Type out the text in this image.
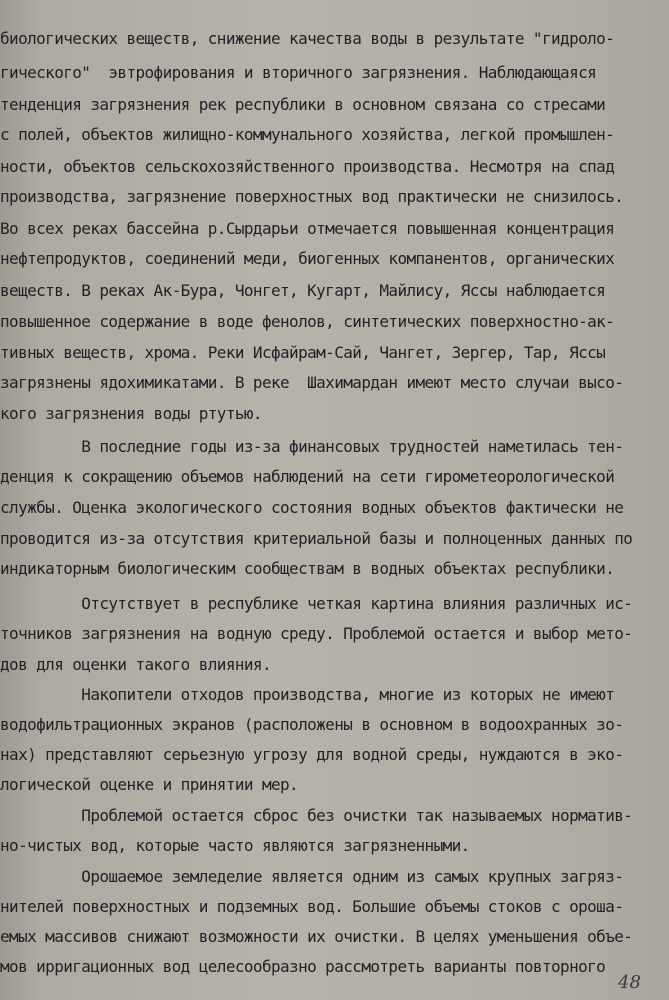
биологических веществ, снижение качества воды в результате "гидроло-
гического"  эвтрофирования и вторичного загрязнения. Наблюдающаяся
тенденция загрязнения рек республики в основном связана со стресами
с полей, объектов жилищно-коммунального хозяйства, легкой промышлен-
ности, объектов сельскохозяйственного производства. Несмотря на спад
производства, загрязнение поверхностных вод практически не снизилось.
Во всех реках бассейна р.Сырдарьи отмечается повышенная концентрация
нефтепродуктов, соединений меди, биогенных компанентов, органических
веществ. В реках Ак-Бура, Чонгет, Кугарт, Майлису, Яссы наблюдается
повышенное содержание в воде фенолов, синтетических поверхностно-ак-
тивных веществ, хрома. Реки Исфайрам-Сай, Чангет, Зергер, Тар, Яссы
загрязнены ядохимикатами. В реке  Шахимардан имеют место случаи высо-
кого загрязнения воды ртутью.
В последние годы из-за финансовых трудностей наметилась тен-
денция к сокращению объемов наблюдений на сети гирометеорологической
службы. Оценка экологического состояния водных объектов фактически не
проводится из-за отсутствия критериальной базы и полноценных данных по
индикаторным биологическим сообществам в водных объектах республики.
Отсутствует в республике четкая картина влияния различных ис-
точников загрязнения на водную среду. Проблемой остается и выбор мето-
дов для оценки такого влияния.
Накопители отходов производства, многие из которых не имеют
водофильтрационных экранов (расположены в основном в водоохранных зо-
нах) представляют серьезную угрозу для водной среды, нуждаются в эко-
логической оценке и принятии мер.
Проблемой остается сброс без очистки так называемых норматив-
но-чистых вод, которые часто являются загрязненными.
Орошаемое земледелие является одним из самых крупных загряз-
нителей поверхностных и подземных вод. Большие объемы стоков с ороша-
емых массивов снижают возможности их очистки. В целях уменьшения объе-
мов ирригационных вод целесообразно рассмотреть варианты повторного
48
